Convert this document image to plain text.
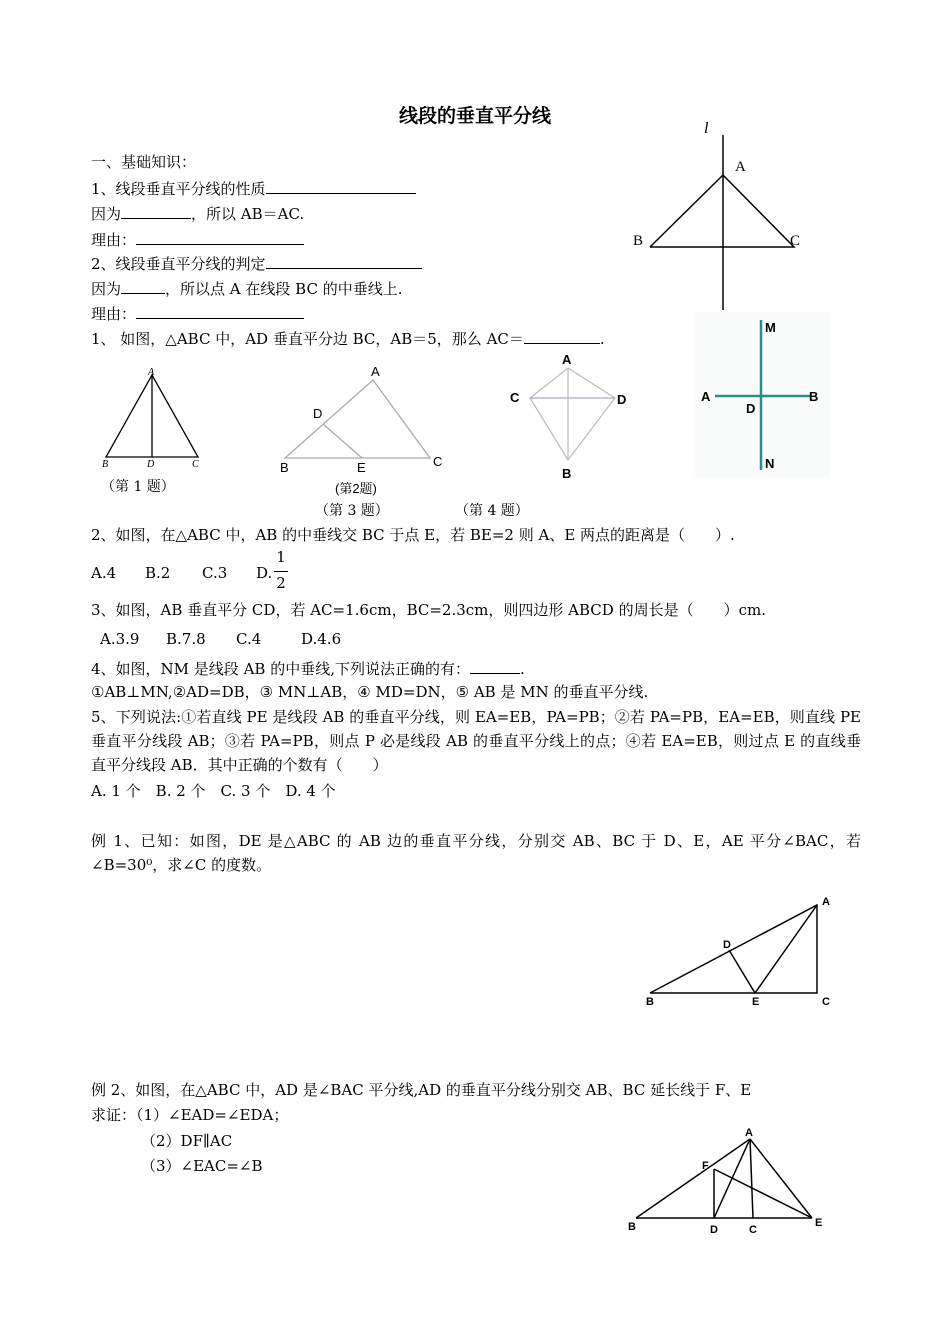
线段的垂直平分线
一、基础知识：
1、线段垂直平分线的性质
因为	，所以 AB＝AC.
理由：
2、线段垂直平分线的判定
因为	，所以点 A 在线段 BC 的中垂线上.
理由：
l
A
B	C
1、 如图，△ABC 中，AD 垂直平分边 BC，AB＝5，那么 AC＝	.
A
B	D	C
（第 1 题）
A
D
B	E	C
(第2题)
（第 3 题）
A
C	D
B
（第 4 题）
M
A
D
B
N
2、如图，在△ABC 中，AB 的中垂线交 BC 于点 E，若 BE=2 则 A、E 两点的距离是（　　）.
A.4 B.2 C.3 D.
1
2
3、如图，AB 垂直平分 CD，若 AC=1.6cm，BC=2.3cm，则四边形 ABCD 的周长是（　　）cm.
A.3.9 B.7.8 C.4	D.4.6
4、如图，NM 是线段 AB 的中垂线,下列说法正确的有：	.
①AB⊥MN,②AD=DB，③ MN⊥AB，④ MD=DN，⑤ AB 是 MN 的垂直平分线.
5、下列说法:①若直线 PE 是线段 AB 的垂直平分线，则 EA=EB，PA=PB；②若 PA=PB，EA=EB，则直线 PE 垂直平分线段 AB；③若 PA=PB，则点 P 必是线段 AB 的垂直平分线上的点；④若 EA=EB，则过点 E 的直线垂直平分线段 AB．其中正确的个数有（　　）
A. 1 个　B. 2 个　C. 3 个　D. 4 个
例 1、已知：如图，DE 是△ABC 的 AB 边的垂直平分线，分别交 AB、BC 于 D、E，AE 平分∠BAC，若∠B=30⁰，求∠C 的度数。
A
D
B	E	C
例 2、如图，在△ABC 中，AD 是∠BAC 平分线,AD 的垂直平分线分别交 AB、BC 延长线于 F、E
求证：（1）∠EAD=∠EDA；
（2）DF∥AC
（3）∠EAC=∠B
A
F
B	D	C
E
